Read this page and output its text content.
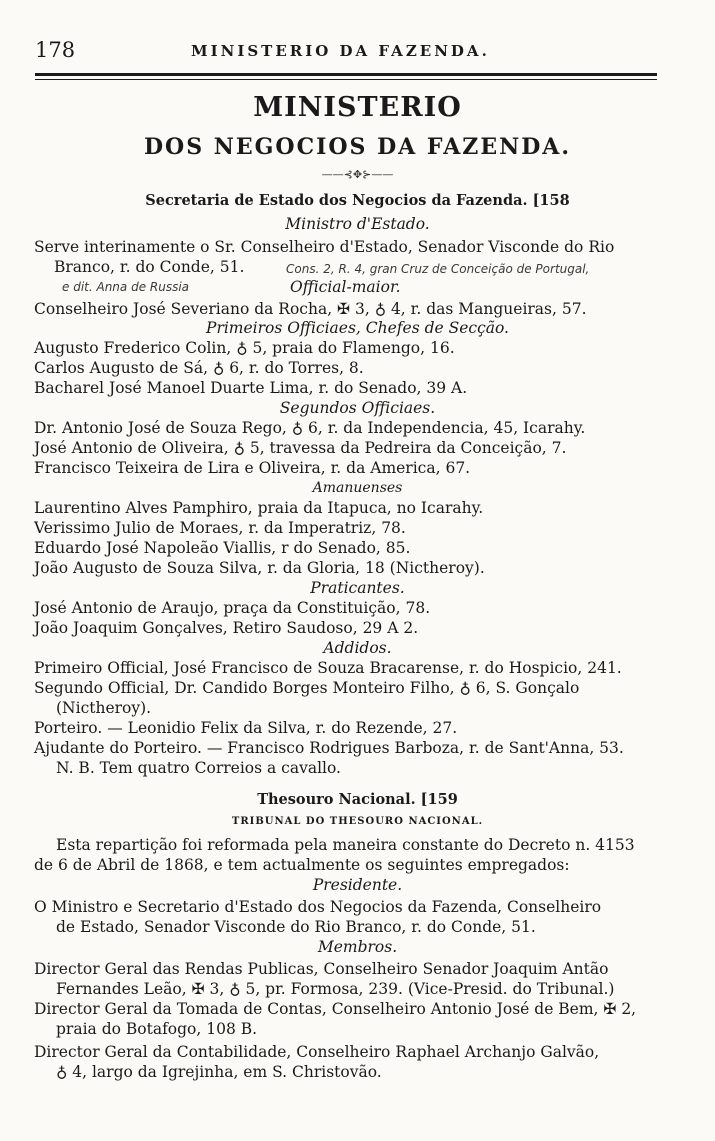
178	MINISTERIO DA FAZENDA.
MINISTERIO
DOS NEGOCIOS DA FAZENDA.
——⊰✥⊱——
Secretaria de Estado dos Negocios da Fazenda. [158
Ministro d'Estado.
Serve interinamente o Sr. Conselheiro d'Estado, Senador Visconde do Rio
Branco, r. do Conde, 51.	Cons. 2, R. 4, gran Cruz de Conceição de Portugal,
e dit. Anna de Russia	Official-maior.
Conselheiro José Severiano da Rocha, ✠ 3, ♁ 4, r. das Mangueiras, 57.
Primeiros Officiaes, Chefes de Secção.
Augusto Frederico Colin, ♁ 5, praia do Flamengo, 16.
Carlos Augusto de Sá, ♁ 6, r. do Torres, 8.
Bacharel José Manoel Duarte Lima, r. do Senado, 39 A.
Segundos Officiaes.
Dr. Antonio José de Souza Rego, ♁ 6, r. da Independencia, 45, Icarahy.
José Antonio de Oliveira, ♁ 5, travessa da Pedreira da Conceição, 7.
Francisco Teixeira de Lira e Oliveira, r. da America, 67.
Amanuenses
Laurentino Alves Pamphiro, praia da Itapuca, no Icarahy.
Verissimo Julio de Moraes, r. da Imperatriz, 78.
Eduardo José Napoleão Viallis, r do Senado, 85.
João Augusto de Souza Silva, r. da Gloria, 18 (Nictheroy).
Praticantes.
José Antonio de Araujo, praça da Constituição, 78.
João Joaquim Gonçalves, Retiro Saudoso, 29 A 2.
Addidos.
Primeiro Official, José Francisco de Souza Bracarense, r. do Hospicio, 241.
Segundo Official, Dr. Candido Borges Monteiro Filho, ♁ 6, S. Gonçalo
(Nictheroy).
Porteiro. — Leonidio Felix da Silva, r. do Rezende, 27.
Ajudante do Porteiro. — Francisco Rodrigues Barboza, r. de Sant'Anna, 53.
N. B. Tem quatro Correios a cavallo.
Thesouro Nacional. [159
TRIBUNAL DO THESOURO NACIONAL.
Esta repartição foi reformada pela maneira constante do Decreto n. 4153
de 6 de Abril de 1868, e tem actualmente os seguintes empregados:
Presidente.
O Ministro e Secretario d'Estado dos Negocios da Fazenda, Conselheiro
de Estado, Senador Visconde do Rio Branco, r. do Conde, 51.
Membros.
Director Geral das Rendas Publicas, Conselheiro Senador Joaquim Antão
Fernandes Leão, ✠ 3, ♁ 5, pr. Formosa, 239. (Vice-Presid. do Tribunal.)
Director Geral da Tomada de Contas, Conselheiro Antonio José de Bem, ✠ 2,
praia do Botafogo, 108 B.
Director Geral da Contabilidade, Conselheiro Raphael Archanjo Galvão,
♁ 4, largo da Igrejinha, em S. Christovão.
